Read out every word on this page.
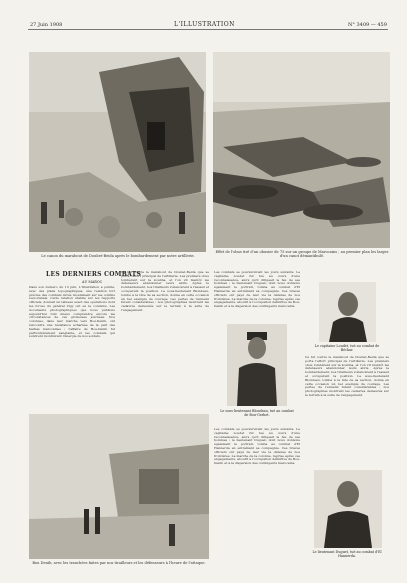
27 Juin 1908	L'ILLUSTRATION	N° 3409 — 459
Le canon du marabout de Doubet-Beida après le bombardement par notre artillerie.
Effet de l'obus tiré d'un obusier de 75 sur un groupe de Marocains ; au premier plan les larges d'un canot démantibulé.
LES DERNIERS COMBATS
AU MAROC
Dans son numéro du 13 juin, L'Illustration a publié, avec des plans topographiques, une relation fort précise des combats livrés récemment sur les confins sud-oranais. Cette relation établie sur les rapports officiels, donnait un tableau exact des opérations dont les forces du général Vigy ont eu la conduite. Les documents photographiques que nous publions aujourd'hui font mieux comprendre encore les circonstances de ces glorieuses journées. Nos colonnes, dans leur marche vers Bou-Denib, ont rencontré une résistance acharnée de la part des harkas marocaines ; l'affaire de Bou-Denib fut particulièrement sanglante, et les combats qui suivirent montrèrent l'énergie de nos soldats.
Ce fut contre le marabout de Doubet-Beida que se porta l'effort principal de l'artillerie. Les premiers obus tombèrent sur la koubba, et l'on vit bientôt les défenseurs abandonner leurs abris. Après le bombardement, nos tirailleurs s'élancèrent à l'assaut et occupèrent la position. Le sous-lieutenant Blondeau, tombé à la tête de sa section, donna en cette occasion un bel exemple de courage. Les pertes de l'ennemi furent considérables ; nos photographies montrent les cadavres demeurés sur le terrain à la suite de l'engagement.
Les combats se poursuivirent les jours suivants. Le capitaine Loudet fut tué au cours d'une reconnaissance, alors qu'il dirigeait le feu de ses hommes ; le lieutenant Duguet, dont nous donnons également le portrait, tomba au combat d'El Hannerda en entraînant sa compagnie. Ces braves officiers ont payé de leur vie la défense de nos frontières. La marche de la colonne, reprise après ces engagements, aboutit à l'occupation définitive de Bou-Denib et à la dispersion des contingents marocains.
Le capitaine Loudet, tué au combat de Béchar.
Le sous-lieutenant Blondeau, tué au combat de Bou-Gerhet.
Bou Denib, avec les tranchées faites par nos tirailleurs et les défenseurs à l'heure de l'attaque.
Les combats se poursuivirent les jours suivants. Le capitaine Loudet fut tué au cours d'une reconnaissance, alors qu'il dirigeait le feu de ses hommes ; le lieutenant Duguet, dont nous donnons également le portrait, tomba au combat d'El Hannerda en entraînant sa compagnie. Ces braves officiers ont payé de leur vie la défense de nos frontières. La marche de la colonne, reprise après ces engagements, aboutit à l'occupation définitive de Bou-Denib et à la dispersion des contingents marocains.
Ce fut contre le marabout de Doubet-Beida que se porta l'effort principal de l'artillerie. Les premiers obus tombèrent sur la koubba, et l'on vit bientôt les défenseurs abandonner leurs abris. Après le bombardement, nos tirailleurs s'élancèrent à l'assaut et occupèrent la position. Le sous-lieutenant Blondeau, tombé à la tête de sa section, donna en cette occasion un bel exemple de courage. Les pertes de l'ennemi furent considérables ; nos photographies montrent les cadavres demeurés sur le terrain à la suite de l'engagement.
Le lieutenant Duguet, tué au combat d'El Hannerda.
